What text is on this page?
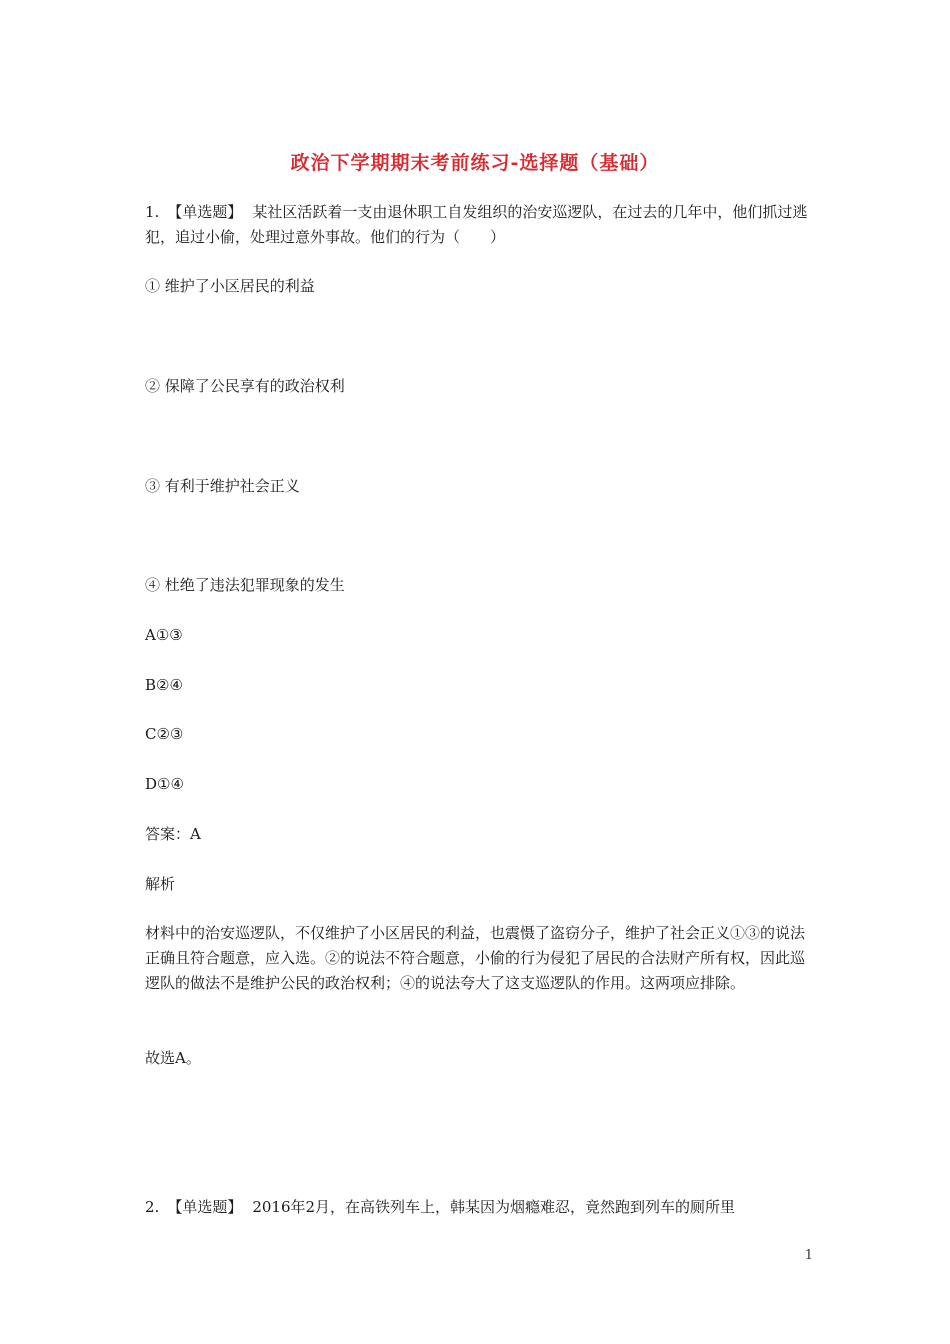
政治下学期期末考前练习-选择题（基础）
1. 【单选题】 某社区活跃着一支由退休职工自发组织的治安巡逻队，在过去的几年中，他们抓过逃犯，追过小偷，处理过意外事故。他们的行为（　　）
① 维护了小区居民的利益
② 保障了公民享有的政治权利
③ 有利于维护社会正义
④ 杜绝了违法犯罪现象的发生
A①③
B②④
C②③
D①④
答案：A
解析
材料中的治安巡逻队，不仅维护了小区居民的利益，也震慑了盗窃分子，维护了社会正义①③的说法正确且符合题意，应入选。②的说法不符合题意，小偷的行为侵犯了居民的合法财产所有权，因此巡逻队的做法不是维护公民的政治权利；④的说法夸大了这支巡逻队的作用。这两项应排除。
故选A。
2. 【单选题】 2016年2月，在高铁列车上，韩某因为烟瘾难忍，竟然跑到列车的厕所里
1
